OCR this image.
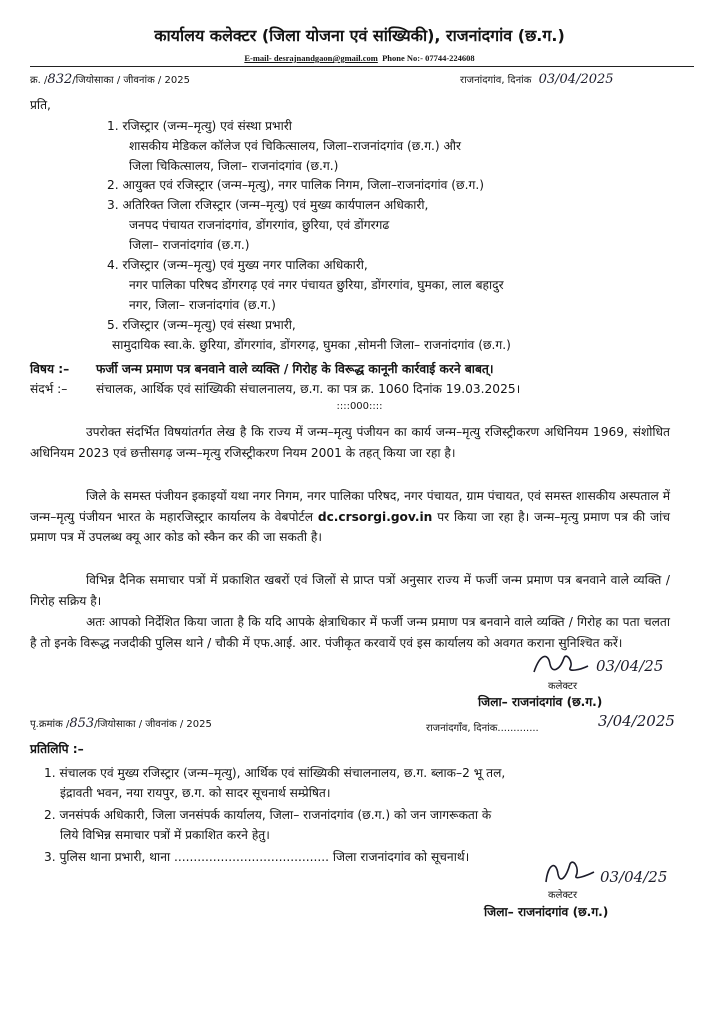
कार्यालय कलेक्टर (जिला योजना एवं सांख्यिकी), राजनांदगांव (छ.ग.)
E-mail- desrajnandgaon@gmail.com Phone No:- 07744-224608
क्र. /832/जियोसाका / जीवनांक / 2025	राजनांदगांव, दिनांक 03/04/2025
प्रति,
1. रजिस्ट्रार (जन्म–मृत्यु) एवं संस्था प्रभारी
शासकीय मेडिकल कॉलेज एवं चिकित्सालय, जिला–राजनांदगांव (छ.ग.) और
जिला चिकित्सालय, जिला– राजनांदगांव (छ.ग.)
2. आयुक्त एवं रजिस्ट्रार (जन्म–मृत्यु), नगर पालिक निगम, जिला–राजनांदगांव (छ.ग.)
3. अतिरिक्त जिला रजिस्ट्रार (जन्म–मृत्यु) एवं मुख्य कार्यपालन अधिकारी,
जनपद पंचायत राजनांदगांव, डोंगरगांव, छुरिया, एवं डोंगरगढ
जिला– राजनांदगांव (छ.ग.)
4. रजिस्ट्रार (जन्म–मृत्यु) एवं मुख्य नगर पालिका अधिकारी,
नगर पालिका परिषद डोंगरगढ़ एवं नगर पंचायत छुरिया, डोंगरगांव, घुमका, लाल बहादुर
नगर, जिला– राजनांदगांव (छ.ग.)
5. रजिस्ट्रार (जन्म–मृत्यु) एवं संस्था प्रभारी,
सामुदायिक स्वा.के. छुरिया, डोंगरगांव, डोंगरगढ़, घुमका ,सोमनी जिला– राजनांदगांव (छ.ग.)
विषय :– फर्जी जन्म प्रमाण पत्र बनवाने वाले व्यक्ति / गिरोह के विरूद्ध कानूनी कार्रवाई करने बाबत्।
संदर्भ :– संचालक, आर्थिक एवं सांख्यिकी संचालनालय, छ.ग. का पत्र क्र. 1060 दिनांक 19.03.2025।
::::000::::
उपरोक्त संदर्भित विषयांतर्गत लेख है कि राज्य में जन्म–मृत्यु पंजीयन का कार्य जन्म–मृत्यु रजिस्ट्रीकरण अधिनियम 1969, संशोधित अधिनियम 2023 एवं छत्तीसगढ़ जन्म–मृत्यु रजिस्ट्रीकरण नियम 2001 के तहत् किया जा रहा है।
जिले के समस्त पंजीयन इकाइयों यथा नगर निगम, नगर पालिका परिषद, नगर पंचायत, ग्राम पंचायत, एवं समस्त शासकीय अस्पताल में जन्म–मृत्यु पंजीयन भारत के महारजिस्ट्रार कार्यालय के वेबपोर्टल dc.crsorgi.gov.in पर किया जा रहा है। जन्म–मृत्यु प्रमाण पत्र की जांच प्रमाण पत्र में उपलब्ध क्यू आर कोड को स्कैन कर की जा सकती है।
विभिन्न दैनिक समाचार पत्रों में प्रकाशित खबरों एवं जिलों से प्राप्त पत्रों अनुसार राज्य में फर्जी जन्म प्रमाण पत्र बनवाने वाले व्यक्ति / गिरोह सक्रिय है।
अतः आपको निर्देशित किया जाता है कि यदि आपके क्षेत्राधिकार में फर्जी जन्म प्रमाण पत्र बनवाने वाले व्यक्ति / गिरोह का पता चलता है तो इनके विरूद्ध नजदीकी पुलिस थाने / चौकी में एफ.आई. आर. पंजीकृत करवायें एवं इस कार्यालय को अवगत कराना सुनिश्चित करें।
03/04/25
कलेक्टर
जिला– राजनांदगांव (छ.ग.)
पृ.क्रमांक /853/जियोसाका / जीवनांक / 2025	राजनांदगाँव, दिनांक.............	3/04/2025
प्रतिलिपि :–
1. संचालक एवं मुख्य रजिस्ट्रार (जन्म–मृत्यु), आर्थिक एवं सांख्यिकी संचालनालय, छ.ग. ब्लाक–2 भू तल,
इंद्रावती भवन, नया रायपुर, छ.ग. को सादर सूचनार्थ सम्प्रेषित।
2. जनसंपर्क अधिकारी, जिला जनसंपर्क कार्यालय, जिला– राजनांदगांव (छ.ग.) को जन जागरूकता के
लिये विभिन्न समाचार पत्रों में प्रकाशित करने हेतु।
3. पुलिस थाना प्रभारी, थाना ........................................ जिला राजनांदगांव को सूचनार्थ।
03/04/25
कलेक्टर
जिला– राजनांदगांव (छ.ग.)
